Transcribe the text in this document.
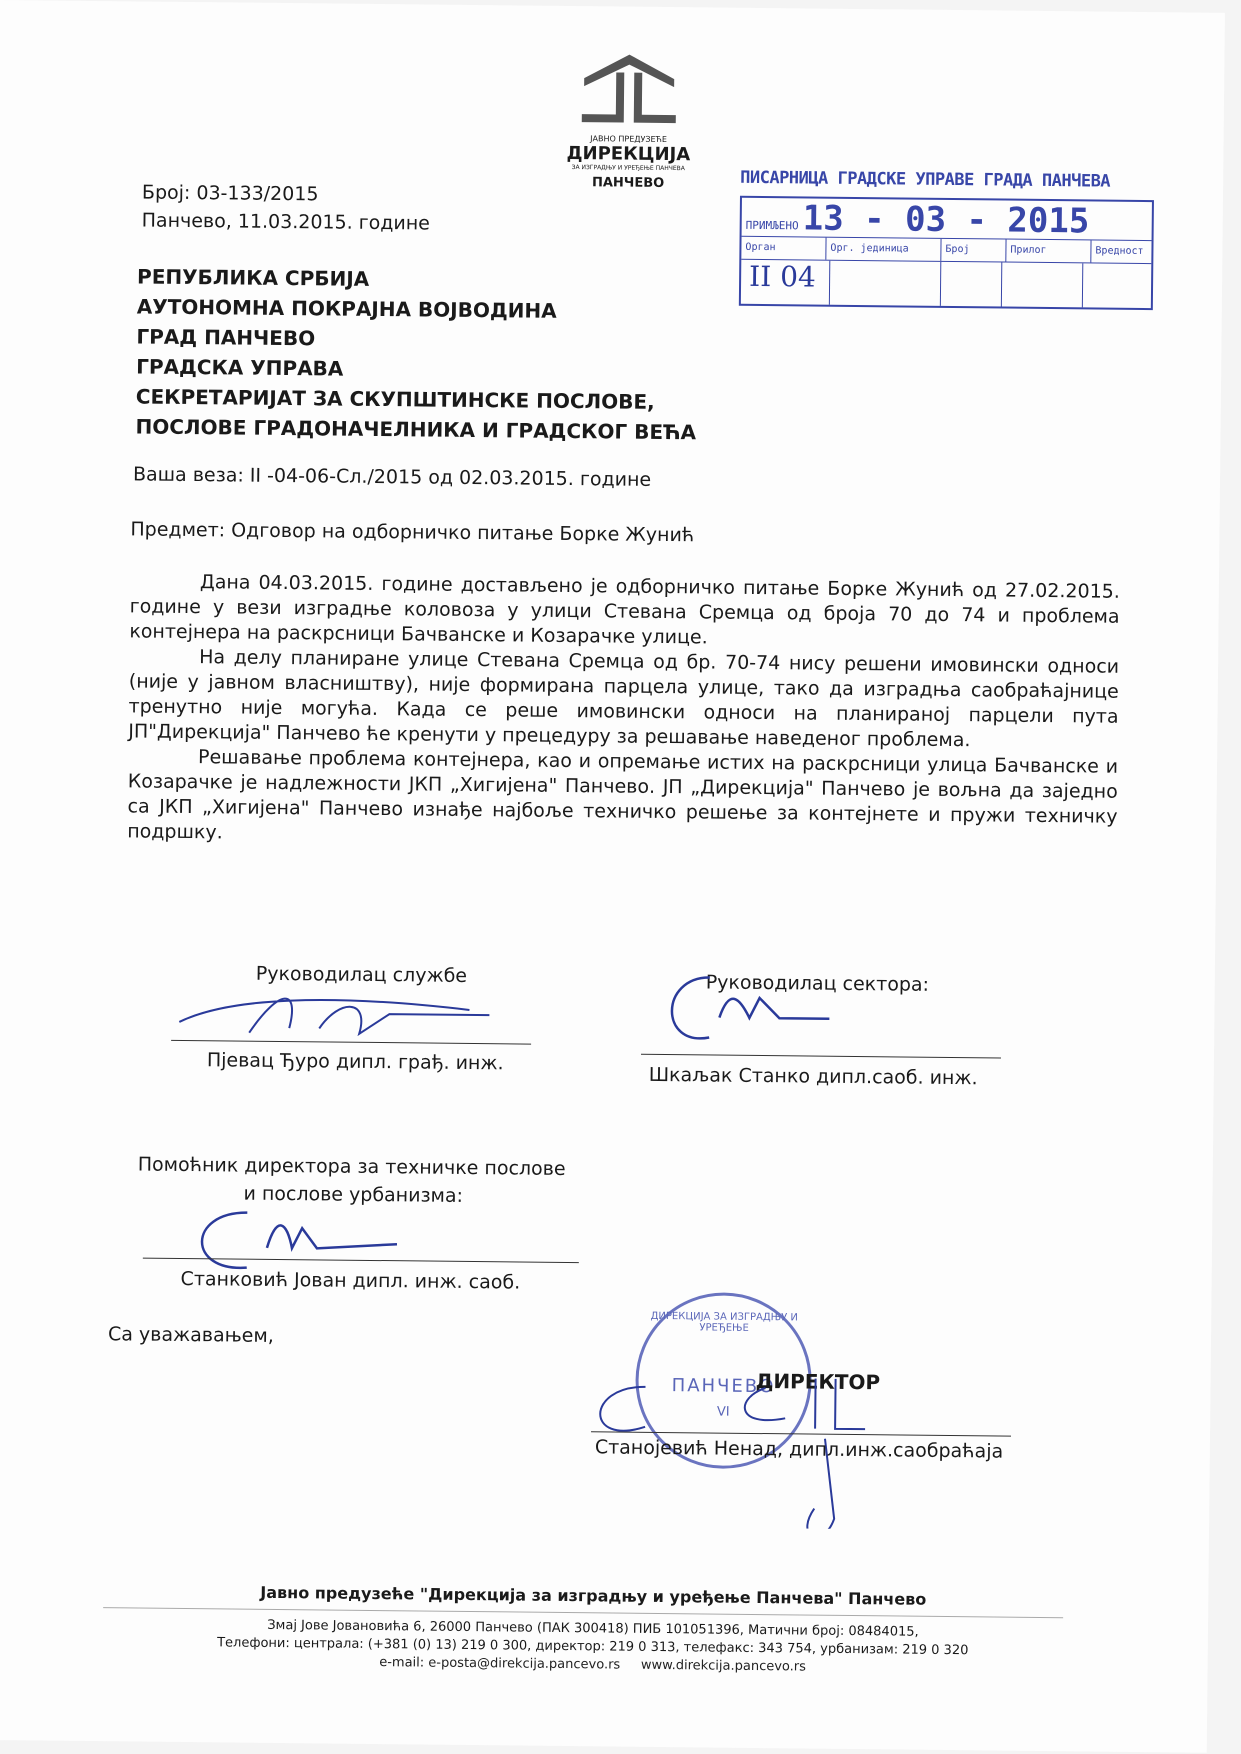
ЈАВНО ПРЕДУЗЕЋЕ
ДИРЕКЦИЈА
ЗА ИЗГРАДЊУ И УРЕЂЕЊЕ ПАНЧЕВА
ПАНЧЕВО	ПИСАРНИЦА ГРАДСКЕ УПРАВЕ ГРАДА ПАНЧЕВА
ПРИМЉЕНО 13 - 03 - 2015
Орган	Орг. јединица	Број	Прилог	Вредност
II 04
Број: 03-133/2015
Панчево, 11.03.2015. године
РЕПУБЛИКА СРБИЈА
АУТОНОМНА ПОКРАЈНА ВОЈВОДИНА
ГРАД ПАНЧЕВО
ГРАДСКА УПРАВА
СЕКРЕТАРИЈАТ ЗА СКУПШТИНСКЕ ПОСЛОВЕ,
ПОСЛОВЕ ГРАДОНАЧЕЛНИКА И ГРАДСКОГ ВЕЋА
Ваша веза: II -04-06-Сл./2015 од 02.03.2015. године
Предмет: Одговор на одборничко питање Борке Жунић

Дана 04.03.2015. године достављено је одборничко питање Борке Жунић од 27.02.2015. године у вези изградње коловоза у улици Стевана Сремца од броја 70 до 74 и проблема контејнера на раскрсници Бачванске и Козарачке улице.

На делу планиране улице Стевана Сремца од бр. 70-74 нису решени имовински односи (није у јавном власништву), није формирана парцела улице, тако да изградња саобраћајнице тренутно није могућа. Када се реше имовински односи на планираној парцели пута ЈП"Дирекција" Панчево ће кренути у прецедуру за решавање наведеног проблема.

Решавање проблема контејнера, као и опремање истих на раскрсници улица Бачванске и Козарачке је надлежности ЈКП „Хигијена" Панчево. ЈП „Дирекција" Панчево је вољна да заједно са ЈКП „Хигијена" Панчево изнађе најбоље техничко решење за контејнете и пружи техничку подршку.

Руководилац службе
Пјевац Ђуро дипл. грађ. инж.
Руководилац сектора:
Шкаљак Станко дипл.саоб. инж.
Помоћник директора за техничке послове
и послове урбанизма:
Станковић Јован дипл. инж. саоб.
Са уважавањем,
ДИРЕКЦИЈА ЗА ИЗГРАДЊУ И УРЕЂЕЊЕ
ПАНЧЕВО
VI
ДИРЕКТОР
Станојевић Ненад, дипл.инж.саобраћаја
Јавно предузеће "Дирекција за изградњу и уређење Панчева" Панчево
Змај Јове Јовановића 6, 26000 Панчево (ПАК 300418) ПИБ 101051396, Матични број: 08484015,
Телефони: централа: (+381 (0) 13) 219 0 300, директор: 219 0 313, телефакс: 343 754, урбанизам: 219 0 320
e-mail: e-posta@direkcija.pancevo.rs www.direkcija.pancevo.rs
